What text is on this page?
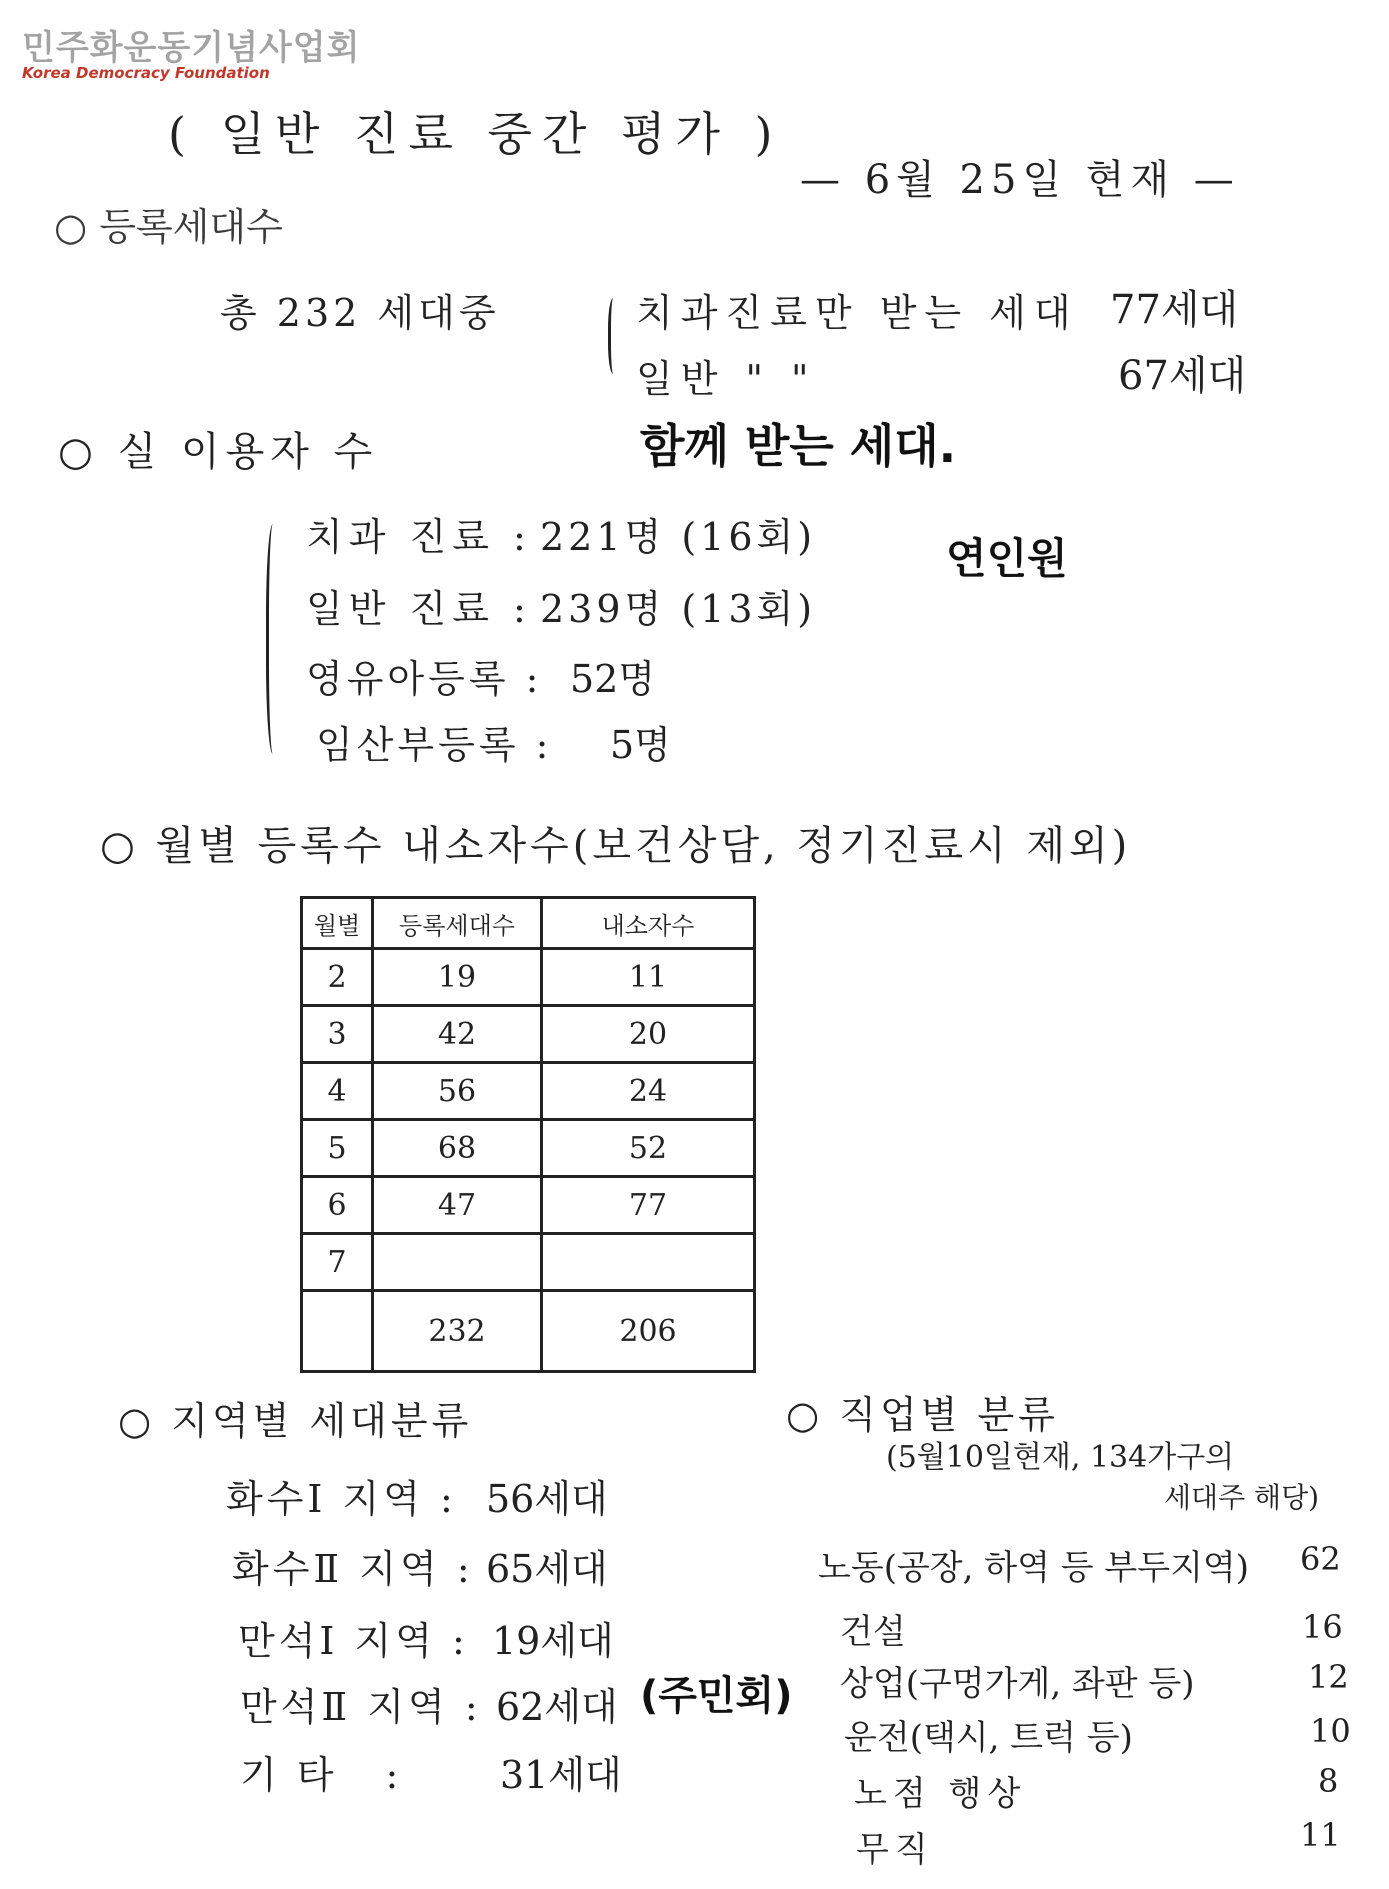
민주화운동기념사업회
Korea Democracy Foundation
( 일반 진료 중간 평가 )
— 6월 25일 현재 —
○ 등록세대수
총 232 세대중	치과진료만 받는 세대 77세대
일반 " "	67세대
○ 실 이용자 수	함께 받는 세대.
치과 진료 : 221명 (16회)	연인원
일반 진료 : 239명 (13회)
영유아등록 : 52명
임산부등록 : 5명
○ 월별 등록수 내소자수(보건상담, 정기진료시 제외)
월별	등록세대수	내소자수
2	19	11
3	42	20
4	56	24
5	68	52
6	47	77
7		
	232	206
○ 지역별 세대분류
화수Ⅰ 지역 : 56세대
화수Ⅱ 지역 : 65세대
만석Ⅰ 지역 : 19세대
만석Ⅱ 지역 : 62세대 (주민회)
기타 : 31세대
○ 직업별 분류
(5월10일현재, 134가구의
세대주 해당)
노동(공장, 하역 등 부두지역) 62
건설	16
상업(구멍가게, 좌판 등)	12
운전(택시, 트럭 등)	10
노점 행상	8
무직	11
